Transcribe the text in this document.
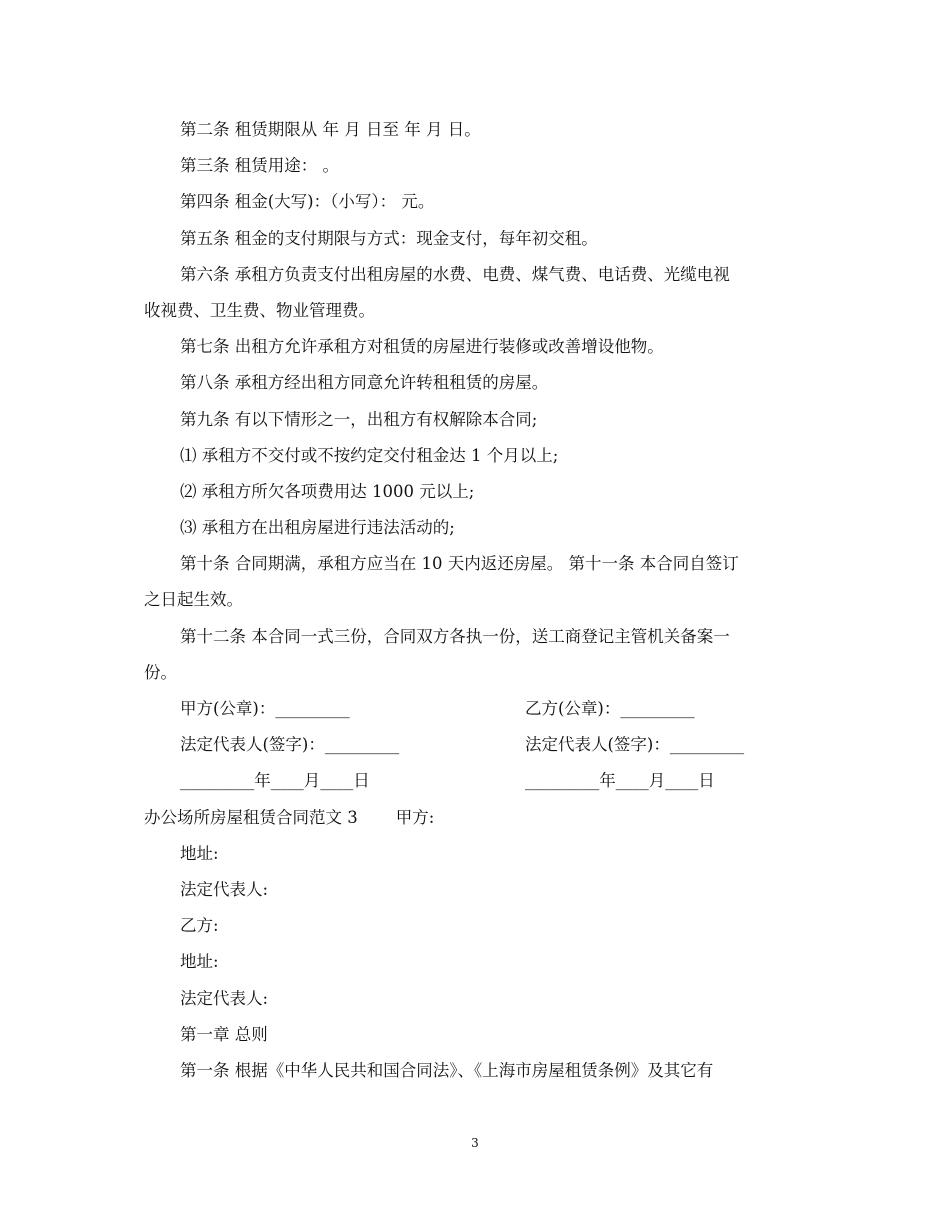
第二条 租赁期限从 年 月 日至 年 月 日。
第三条 租赁用途： 。
第四条 租金(大写)：（小写）： 元。
第五条 租金的支付期限与方式：现金支付，每年初交租。
第六条 承租方负责支付出租房屋的水费、电费、煤气费、电话费、光缆电视
收视费、卫生费、物业管理费。
第七条 出租方允许承租方对租赁的房屋进行装修或改善增设他物。
第八条 承租方经出租方同意允许转租租赁的房屋。
第九条 有以下情形之一，出租方有权解除本合同;
⑴ 承租方不交付或不按约定交付租金达 1 个月以上;
⑵ 承租方所欠各项费用达 1000 元以上;
⑶ 承租方在出租房屋进行违法活动的;
第十条 合同期满，承租方应当在 10 天内返还房屋。 第十一条 本合同自签订
之日起生效。
第十二条 本合同一式三份，合同双方各执一份，送工商登记主管机关备案一
份。
甲方(公章)：_________	乙方(公章)：_________
法定代表人(签字)：_________	法定代表人(签字)：_________
_________年____月____日	_________年____月____日
办公场所房屋租赁合同范文 3 甲方:
地址:
法定代表人:
乙方:
地址:
法定代表人:
第一章 总则
第一条 根据《中华人民共和国合同法》、《上海市房屋租赁条例》及其它有
3
